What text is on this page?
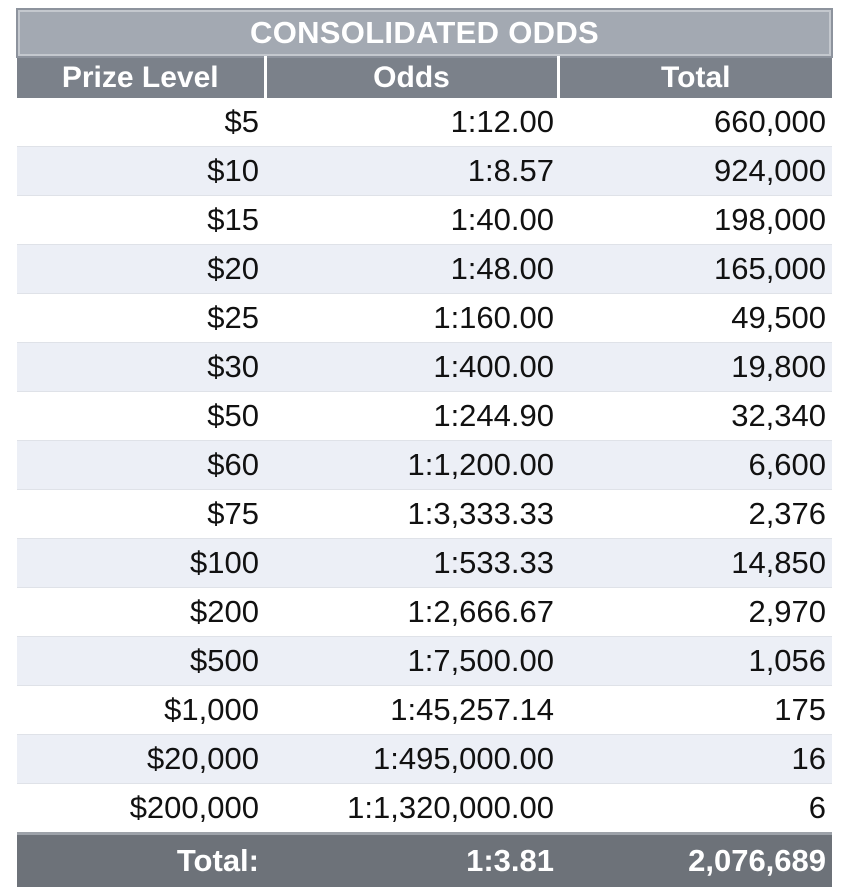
CONSOLIDATED ODDS		
Prize Level	Odds	Total
$5	1:12.00	660,000
$10	1:8.57	924,000
$15	1:40.00	198,000
$20	1:48.00	165,000
$25	1:160.00	49,500
$30	1:400.00	19,800
$50	1:244.90	32,340
$60	1:1,200.00	6,600
$75	1:3,333.33	2,376
$100	1:533.33	14,850
$200	1:2,666.67	2,970
$500	1:7,500.00	1,056
$1,000	1:45,257.14	175
$20,000	1:495,000.00	16
$200,000	1:1,320,000.00	6
Total:	1:3.81	2,076,689
